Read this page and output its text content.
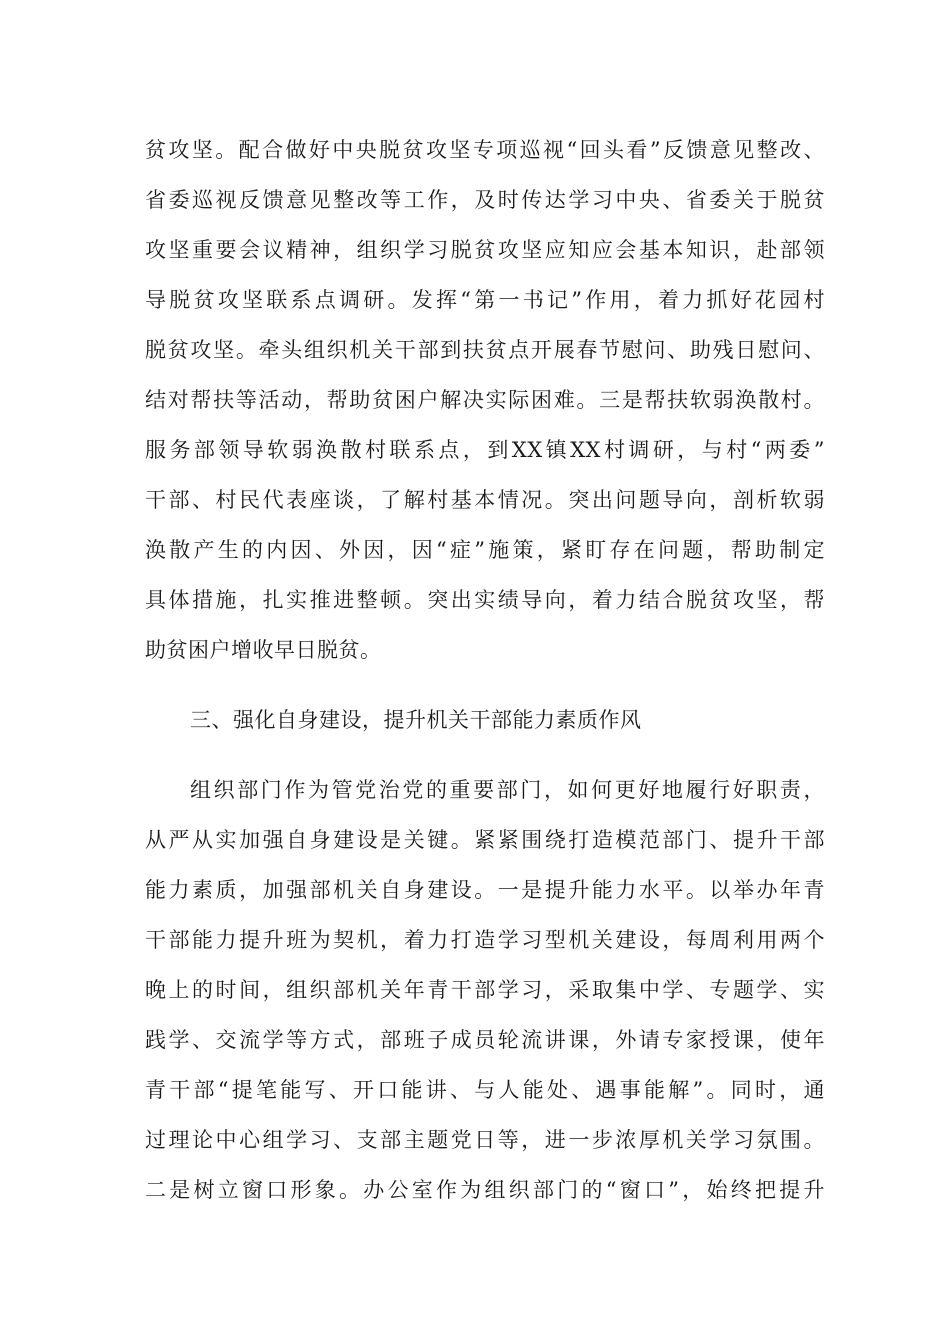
贫攻坚。配合做好中央脱贫攻坚专项巡视“回头看”反馈意见整改、
省委巡视反馈意见整改等工作，及时传达学习中央、省委关于脱贫
攻坚重要会议精神，组织学习脱贫攻坚应知应会基本知识，赴部领
导脱贫攻坚联系点调研。发挥“第一书记”作用，着力抓好花园村
脱贫攻坚。牵头组织机关干部到扶贫点开展春节慰问、助残日慰问、
结对帮扶等活动，帮助贫困户解决实际困难。三是帮扶软弱涣散村。
服务部领导软弱涣散村联系点，到XX镇XX村调研，与村“两委”
干部、村民代表座谈，了解村基本情况。突出问题导向，剖析软弱
涣散产生的内因、外因，因“症”施策，紧盯存在问题，帮助制定
具体措施，扎实推进整顿。突出实绩导向，着力结合脱贫攻坚，帮
助贫困户增收早日脱贫。
三、强化自身建设，提升机关干部能力素质作风
组织部门作为管党治党的重要部门，如何更好地履行好职责，
从严从实加强自身建设是关键。紧紧围绕打造模范部门、提升干部
能力素质，加强部机关自身建设。一是提升能力水平。以举办年青
干部能力提升班为契机，着力打造学习型机关建设，每周利用两个
晚上的时间，组织部机关年青干部学习，采取集中学、专题学、实
践学、交流学等方式，部班子成员轮流讲课，外请专家授课，使年
青干部“提笔能写、开口能讲、与人能处、遇事能解”。同时，通
过理论中心组学习、支部主题党日等，进一步浓厚机关学习氛围。
二是树立窗口形象。办公室作为组织部门的“窗口”，始终把提升
